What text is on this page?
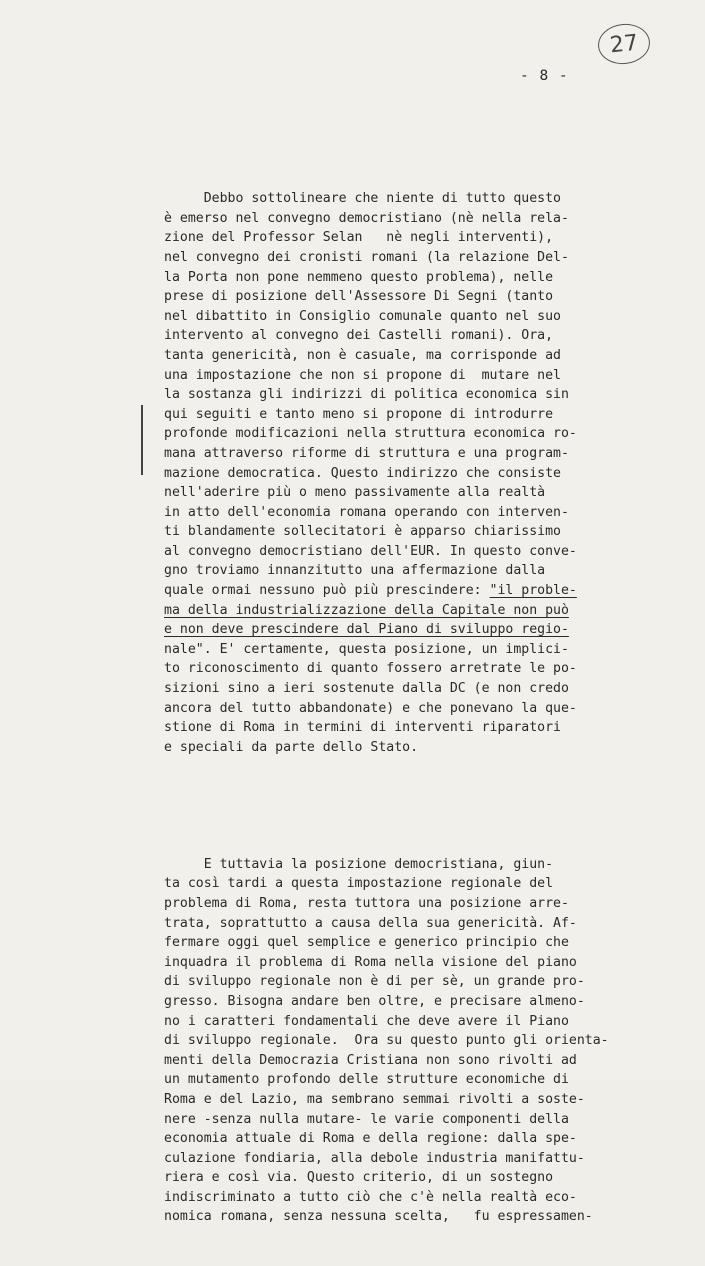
27
- 8 -

Debbo sottolineare che niente di tutto questo
è emerso nel convegno democristiano (nè nella rela-
zione del Professor Selan   nè negli interventi),
nel convegno dei cronisti romani (la relazione Del-
la Porta non pone nemmeno questo problema), nelle
prese di posizione dell'Assessore Di Segni (tanto
nel dibattito in Consiglio comunale quanto nel suo
intervento al convegno dei Castelli romani). Ora,
tanta genericità, non è casuale, ma corrisponde ad
una impostazione che non si propone di  mutare nel
la sostanza gli indirizzi di politica economica sin
qui seguiti e tanto meno si propone di introdurre
profonde modificazioni nella struttura economica ro-
mana attraverso riforme di struttura e una program-
mazione democratica. Questo indirizzo che consiste
nell'aderire più o meno passivamente alla realtà
in atto dell'economia romana operando con interven-
ti blandamente sollecitatori è apparso chiarissimo
al convegno democristiano dell'EUR. In questo conve-
gno troviamo innanzitutto una affermazione dalla
quale ormai nessuno può più prescindere: "il proble-
ma della industrializzazione della Capitale non può
e non deve prescindere dal Piano di sviluppo regio-
nale". E' certamente, questa posizione, un implici-
to riconoscimento di quanto fossero arretrate le po-
sizioni sino a ieri sostenute dalla DC (e non credo
ancora del tutto abbandonate) e che ponevano la que-
stione di Roma in termini di interventi riparatori
e speciali da parte dello Stato.

E tuttavia la posizione democristiana, giun-
ta così tardi a questa impostazione regionale del
problema di Roma, resta tuttora una posizione arre-
trata, soprattutto a causa della sua genericità. Af-
fermare oggi quel semplice e generico principio che
inquadra il problema di Roma nella visione del piano
di sviluppo regionale non è di per sè, un grande pro-
gresso. Bisogna andare ben oltre, e precisare almeno-
no i caratteri fondamentali che deve avere il Piano
di sviluppo regionale.  Ora su questo punto gli orienta-
menti della Democrazia Cristiana non sono rivolti ad
un mutamento profondo delle strutture economiche di
Roma e del Lazio, ma sembrano semmai rivolti a soste-
nere -senza nulla mutare- le varie componenti della
economia attuale di Roma e della regione: dalla spe-
culazione fondiaria, alla debole industria manifattu-
riera e così via. Questo criterio, di un sostegno
indiscriminato a tutto ciò che c'è nella realtà eco-
nomica romana, senza nessuna scelta,   fu espressamen-
